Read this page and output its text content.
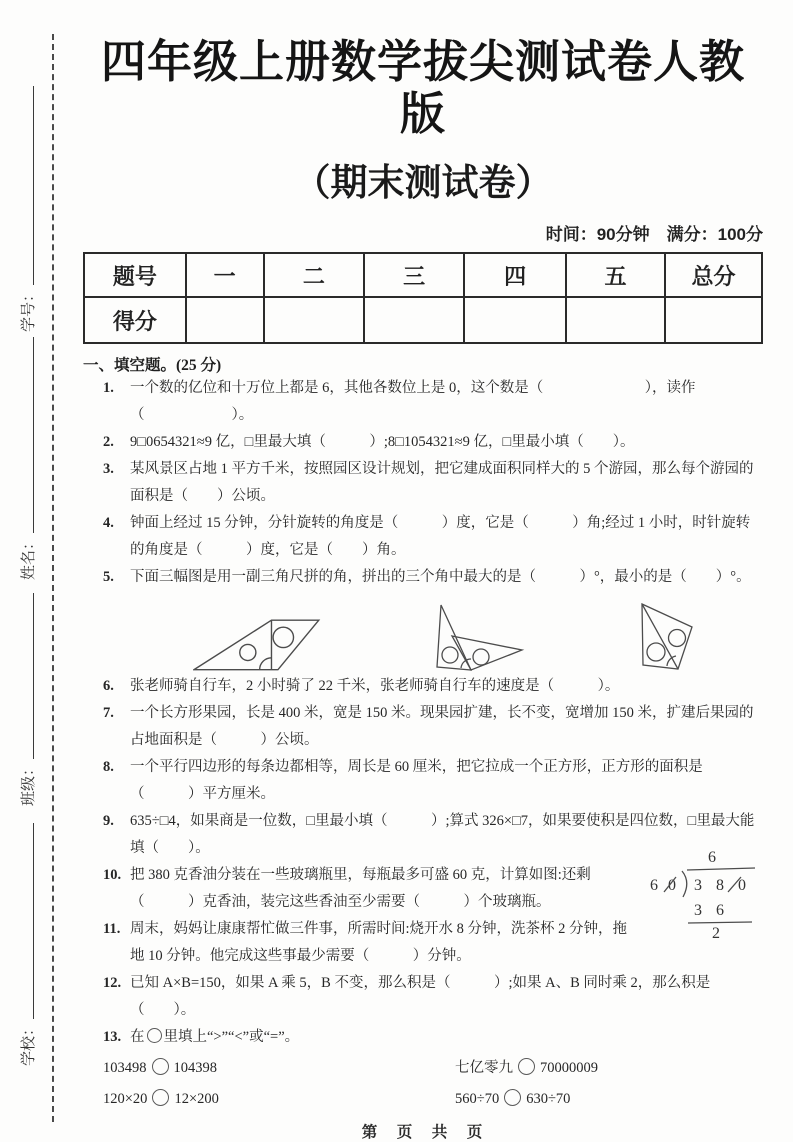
学号：
姓名：
班级：
学校：
四年级上册数学拔尖测试卷人教版
（期末测试卷）
时间：90分钟　满分：100分
题号	一	二	三	四	五	总分
得分						
一、填空题。(25 分)
1. 一个数的亿位和十万位上都是 6，其他各数位上是 0，这个数是（　　　　　　　），读作（　　　　　　）。
2. 9□0654321≈9 亿，□里最大填（　　　）;8□1054321≈9 亿，□里最小填（　　）。
3. 某风景区占地 1 平方千米，按照园区设计规划，把它建成面积同样大的 5 个游园，那么每个游园的面积是（　　）公顷。
4. 钟面上经过 15 分钟，分针旋转的角度是（　　　）度，它是（　　　）角;经过 1 小时，时针旋转的角度是（　　　）度，它是（　　）角。
5. 下面三幅图是用一副三角尺拼的角，拼出的三个角中最大的是（　　　）°，最小的是（　　）°。
6. 张老师骑自行车，2 小时骑了 22 千米，张老师骑自行车的速度是（　　　）。
7. 一个长方形果园，长是 400 米，宽是 150 米。现果园扩建，长不变，宽增加 150 米，扩建后果园的占地面积是（　　　）公顷。
8. 一个平行四边形的每条边都相等，周长是 60 厘米，把它拉成一个正方形，正方形的面积是（　　　）平方厘米。
9. 635÷□4，如果商是一位数，□里最小填（　　　）;算式 326×□7，如果要使积是四位数，□里最大能填（　　）。
6
6 0 3 8 0
3 6
2
10. 把 380 克香油分装在一些玻璃瓶里，每瓶最多可盛 60 克，计算如图:还剩（　　　）克香油，装完这些香油至少需要（　　　）个玻璃瓶。
11. 周末，妈妈让康康帮忙做三件事，所需时间:烧开水 8 分钟，洗茶杯 2 分钟，拖地 10 分钟。他完成这些事最少需要（　　　）分钟。
12. 已知 A×B=150，如果 A 乘 5，B 不变，那么积是（　　　）;如果 A、B 同时乘 2，那么积是（　　）。
13. 在 里填上“>”“<”或“=”。
103498 104398	七亿零九 70000009
120×20 12×200	560÷70 630÷70
第　页　共　页
